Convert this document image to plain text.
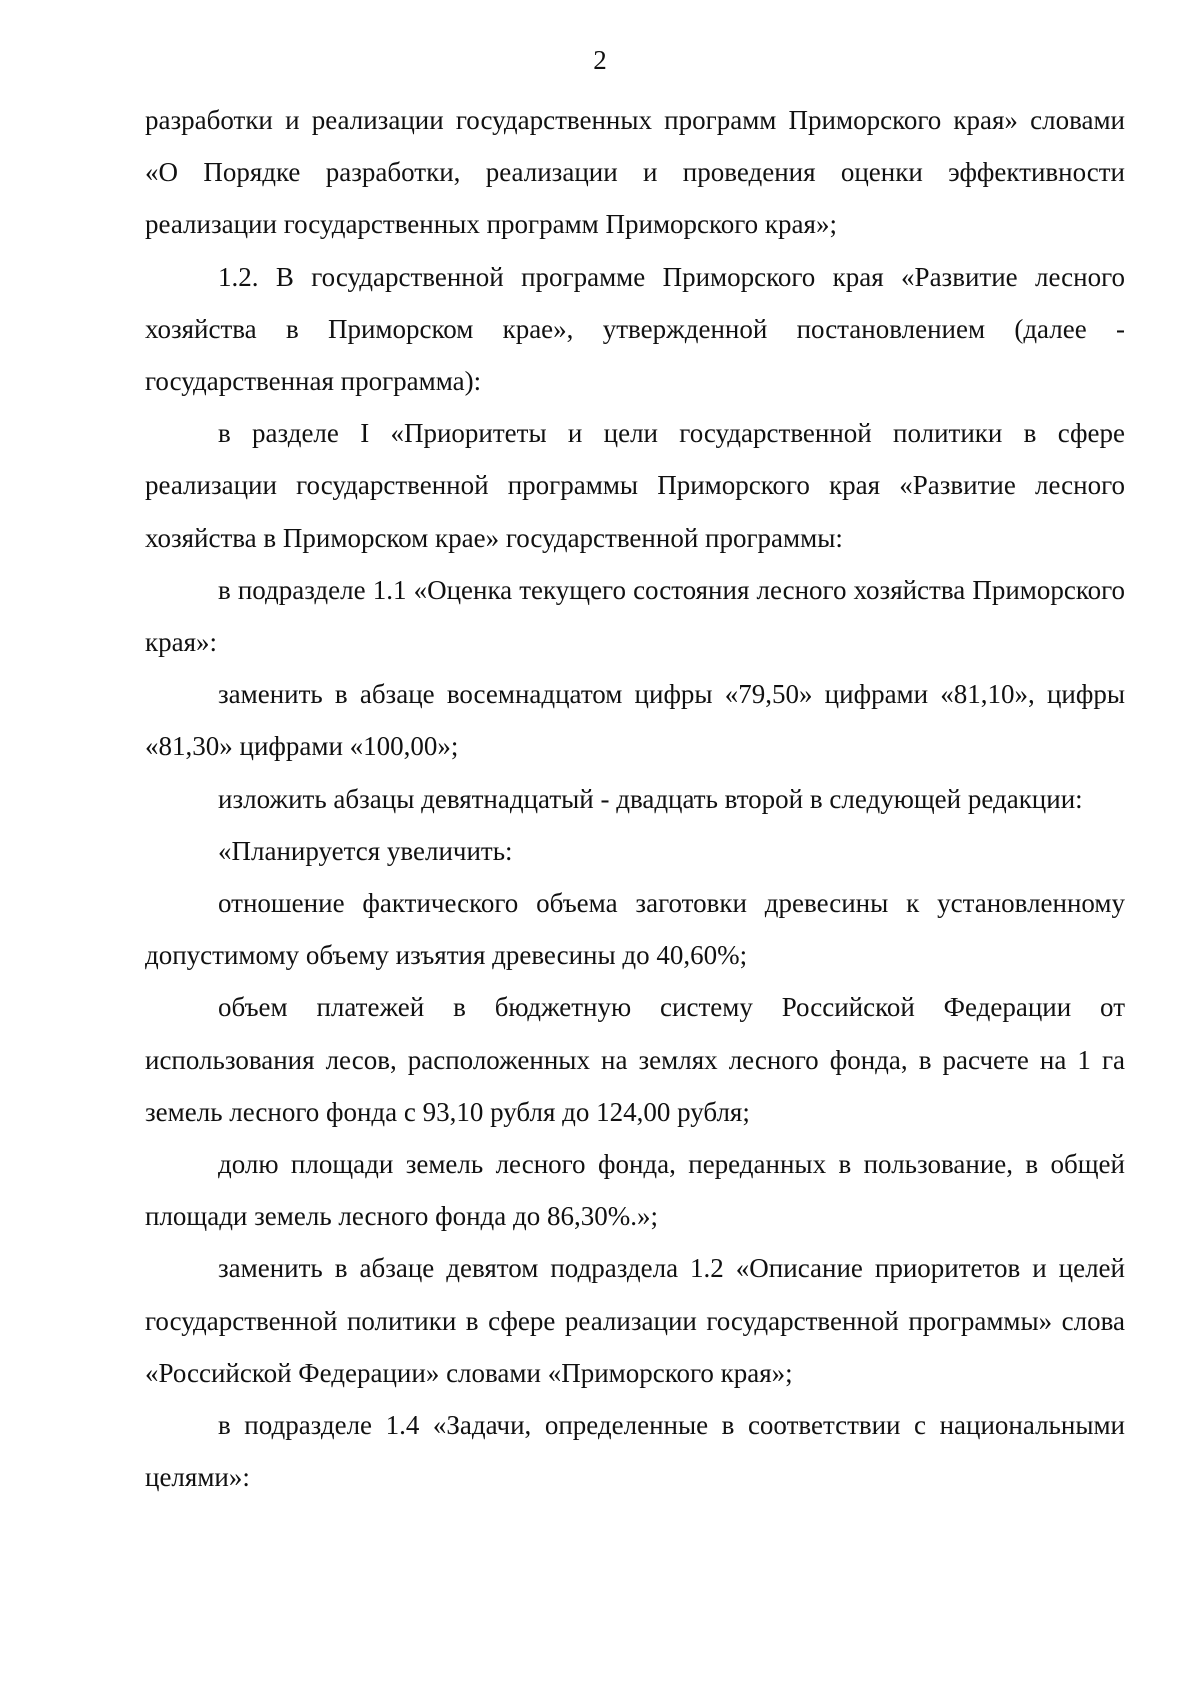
2

разработки и реализации государственных программ Приморского края» словами «О Порядке разработки, реализации и проведения оценки эффективности реализации государственных программ Приморского края»;

1.2. В государственной программе Приморского края «Развитие лесного хозяйства в Приморском крае», утвержденной постановлением (далее - государственная программа):

в разделе I «Приоритеты и цели государственной политики в сфере реализации государственной программы Приморского края «Развитие лесного хозяйства в Приморском крае» государственной программы:

в подразделе 1.1 «Оценка текущего состояния лесного хозяйства Приморского края»:

заменить в абзаце восемнадцатом цифры «79,50» цифрами «81,10», цифры «81,30» цифрами «100,00»;

изложить абзацы девятнадцатый - двадцать второй в следующей редакции:

«Планируется увеличить:

отношение фактического объема заготовки древесины к установленному допустимому объему изъятия древесины до 40,60%;

объем платежей в бюджетную систему Российской Федерации от использования лесов, расположенных на землях лесного фонда, в расчете на 1 га земель лесного фонда с 93,10 рубля до 124,00 рубля;

долю площади земель лесного фонда, переданных в пользование, в общей площади земель лесного фонда до 86,30%.»;

заменить в абзаце девятом подраздела 1.2 «Описание приоритетов и целей государственной политики в сфере реализации государственной программы» слова «Российской Федерации» словами «Приморского края»;

в подразделе 1.4 «Задачи, определенные в соответствии с национальными целями»:
